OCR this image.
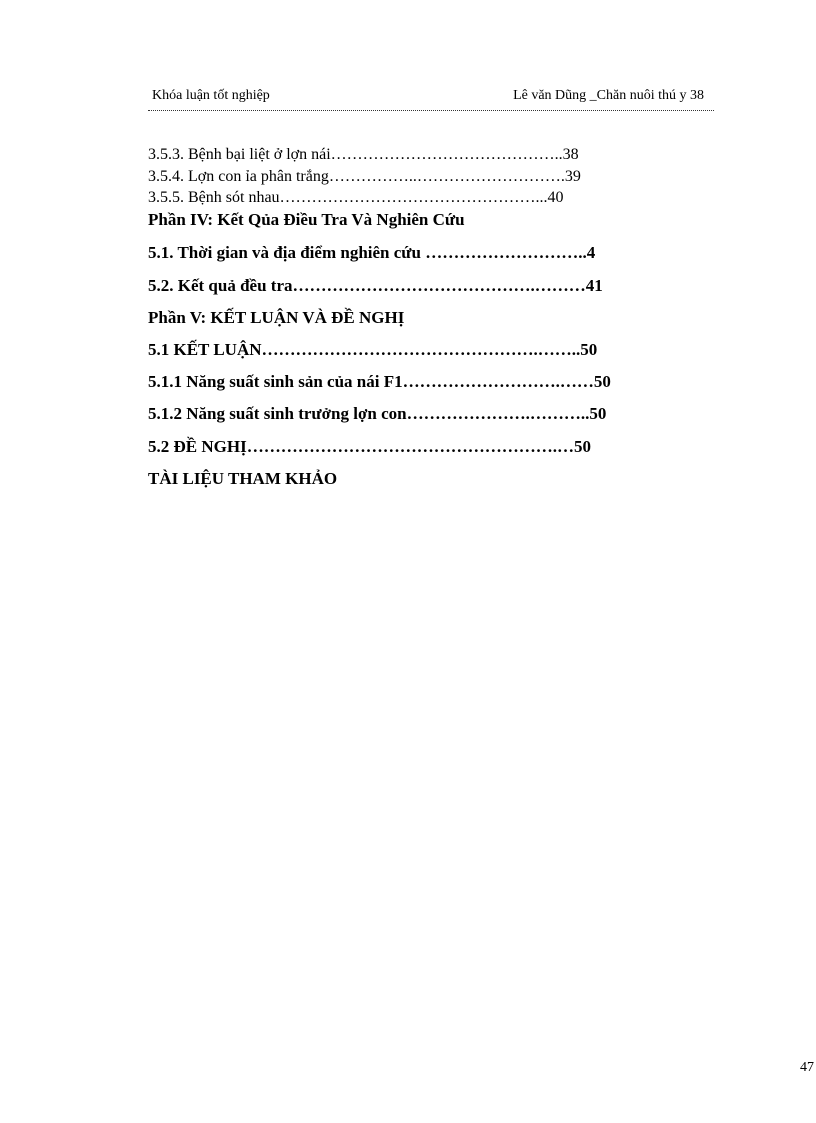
Khóa luận tốt nghiệp	Lê văn Dũng _Chăn nuôi thú y 38
3.5.3. Bệnh bại liệt ở lợn nái……………………………………..38
3.5.4. Lợn con ỉa phân trắng……………..……………………….39
3.5.5. Bệnh sót nhau…………………………………………...40
Phần IV: Kết Qủa Điều Tra Và Nghiên Cứu
5.1. Thời gian và địa điểm nghiên cứu ………………………..4
5.2. Kết quả đều tra…………………………………….………41
Phần V: KẾT LUẬN VÀ ĐỀ NGHỊ
5.1 KẾT LUẬN………………………………………….……..50
5.1.1 Năng suất sinh sản của nái F1……………………….……50
5.1.2 Năng suất sinh trưởng lợn con………………….………..50
5.2 ĐỀ NGHỊ……………………………………………….…50
TÀI LIỆU THAM KHẢO
47
